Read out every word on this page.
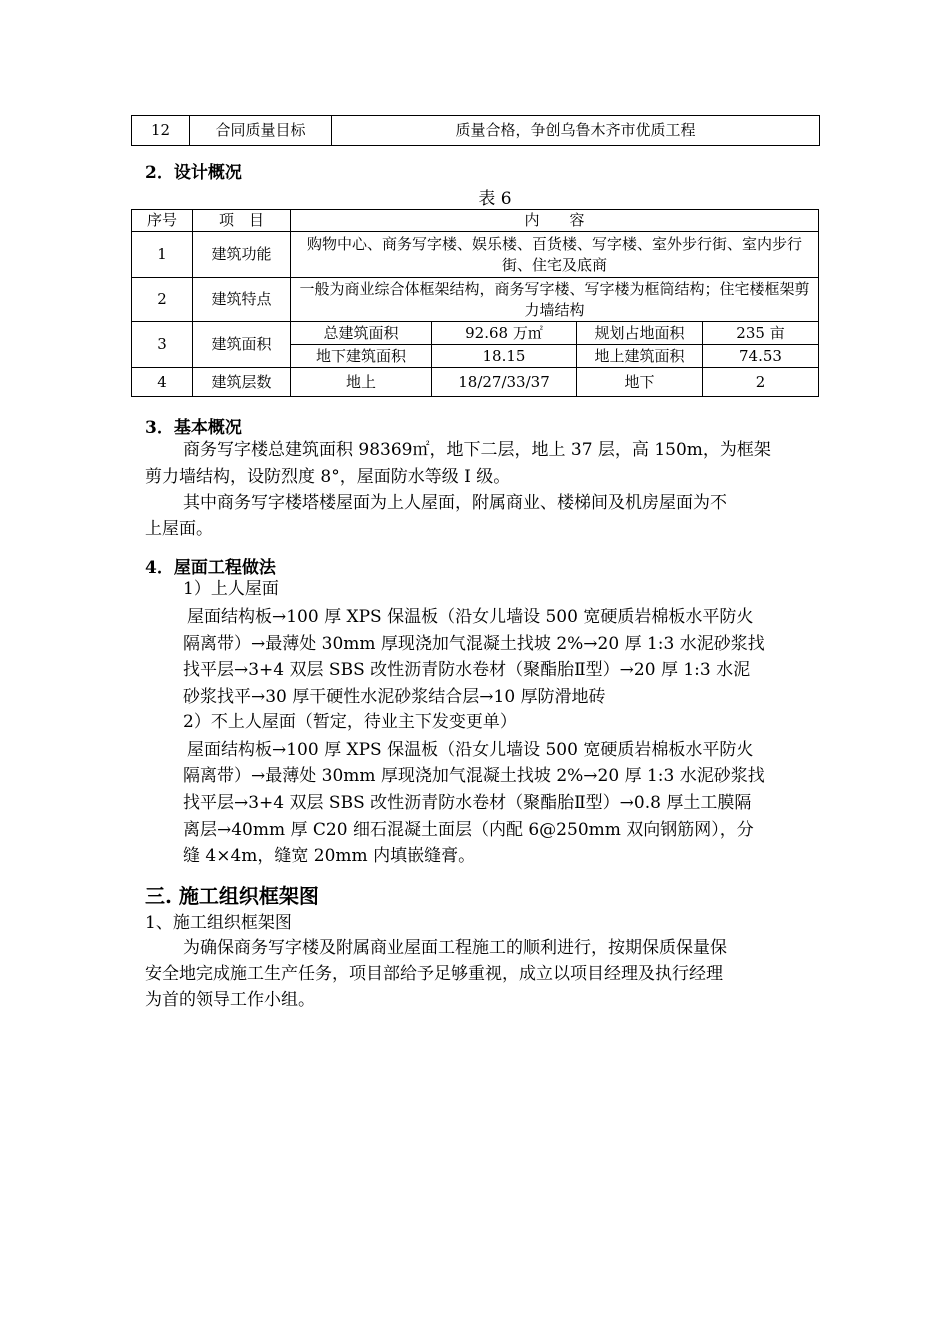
12	合同质量目标	质量合格，争创乌鲁木齐市优质工程
2．设计概况
表 6
序号	项　目	内　　容			
1	建筑功能	购物中心、商务写字楼、娱乐楼、百货楼、写字楼、室外步行街、室内步行街、住宅及底商			
2	建筑特点	一般为商业综合体框架结构，商务写字楼、写字楼为框筒结构；住宅楼框架剪力墙结构			
3	建筑面积	总建筑面积	92.68 万㎡	规划占地面积	235 亩
		地下建筑面积	18.15	地上建筑面积	74.53
4	建筑层数	地上	18/27/33/37	地下	2
3．基本概况
商务写字楼总建筑面积 98369㎡，地下二层，地上 37 层，高 150m，为框架
剪力墙结构，设防烈度 8°，屋面防水等级 I 级。
其中商务写字楼塔楼屋面为上人屋面，附属商业、楼梯间及机房屋面为不
上屋面。
4．屋面工程做法
1）上人屋面
屋面结构板→100 厚 XPS 保温板（沿女儿墙设 500 宽硬质岩棉板水平防火
隔离带）→最薄处 30mm 厚现浇加气混凝土找坡 2%→20 厚 1:3 水泥砂浆找
找平层→3+4 双层 SBS 改性沥青防水卷材（聚酯胎Ⅱ型）→20 厚 1:3 水泥
砂浆找平→30 厚干硬性水泥砂浆结合层→10 厚防滑地砖
2）不上人屋面（暂定，待业主下发变更单）
屋面结构板→100 厚 XPS 保温板（沿女儿墙设 500 宽硬质岩棉板水平防火
隔离带）→最薄处 30mm 厚现浇加气混凝土找坡 2%→20 厚 1:3 水泥砂浆找
找平层→3+4 双层 SBS 改性沥青防水卷材（聚酯胎Ⅱ型）→0.8 厚土工膜隔
离层→40mm 厚 C20 细石混凝土面层（内配 6@250mm 双向钢筋网），分
缝 4×4m，缝宽 20mm 内填嵌缝膏。
三. 施工组织框架图
1、施工组织框架图
为确保商务写字楼及附属商业屋面工程施工的顺利进行，按期保质保量保
安全地完成施工生产任务，项目部给予足够重视，成立以项目经理及执行经理
为首的领导工作小组。
